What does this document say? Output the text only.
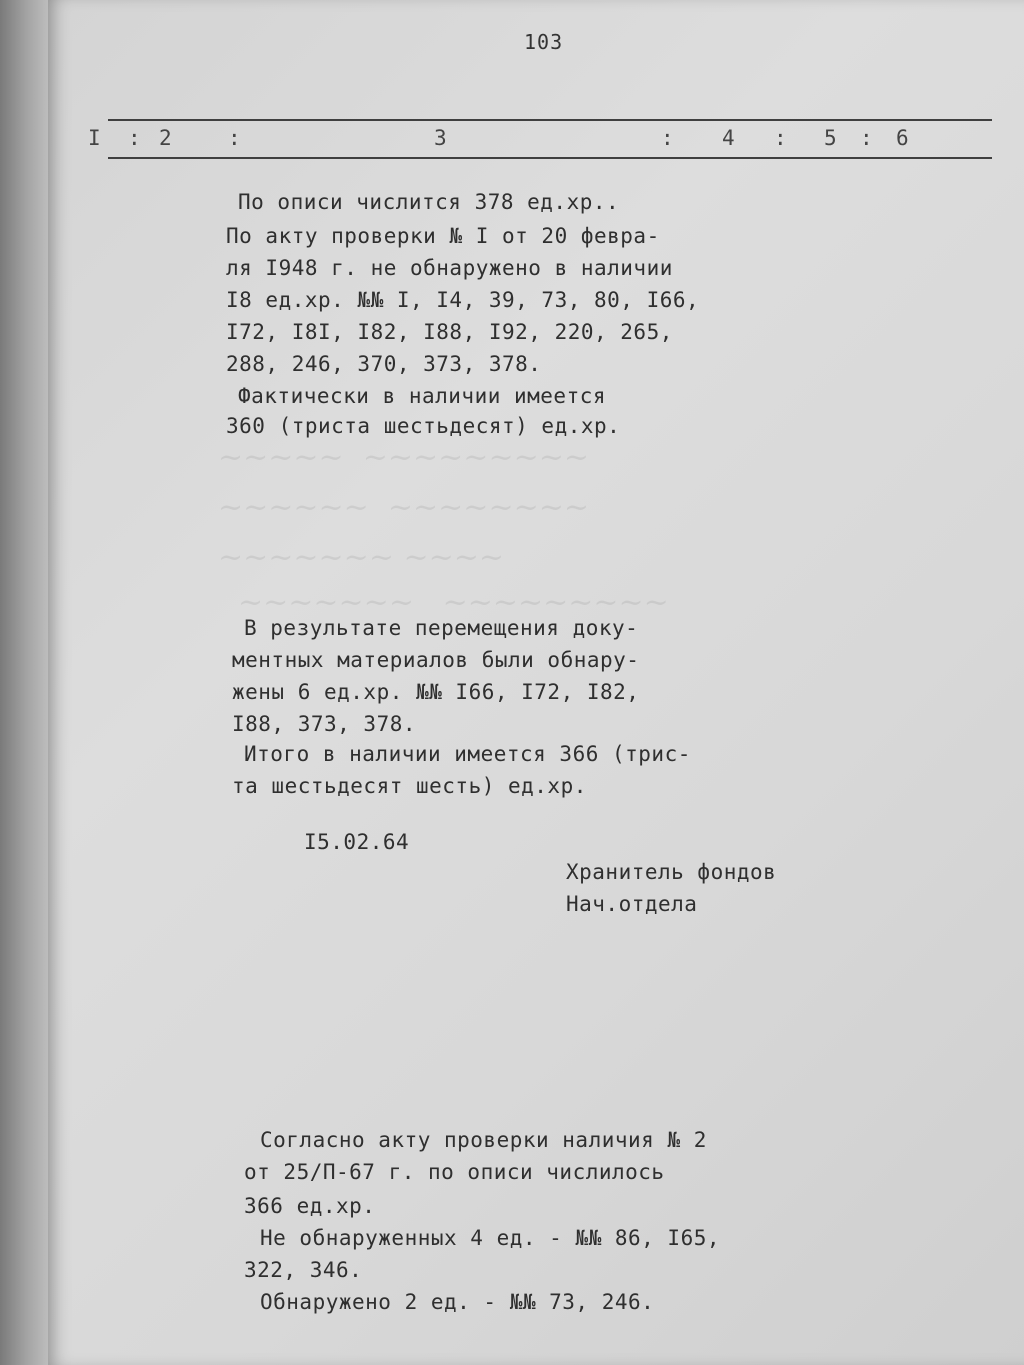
103
I : 2	:	3	: 4 : 5 : 6
~~~~~  ~~~~~~~~~
~~~~~~  ~~~~~~~~
~~~~~~~ ~~~~
~~~~~~~   ~~~~~~~~~
По описи числится 378 ед.хр..
По акту проверки № I от 20 февра-
ля I948 г. не обнаружено в наличии
I8 ед.хр. №№ I, I4, 39, 73, 80, I66,
I72, I8I, I82, I88, I92, 220, 265,
288, 246, 370, 373, 378.
Фактически в наличии имеется
360 (триста шестьдесят) ед.хр.
В результате перемещения доку-
ментных материалов были обнару-
жены 6 ед.хр. №№ I66, I72, I82,
I88, 373, 378.
Итого в наличии имеется 366 (трис-
та шестьдесят шесть) ед.хр.
I5.02.64
Хранитель фондов
Нач.отдела
Согласно акту проверки наличия № 2
от 25/П-67 г. по описи числилось
366 ед.хр.
Не обнаруженных 4 ед. - №№ 86, I65,
322, 346.
Обнаружено 2 ед. - №№ 73, 246.
